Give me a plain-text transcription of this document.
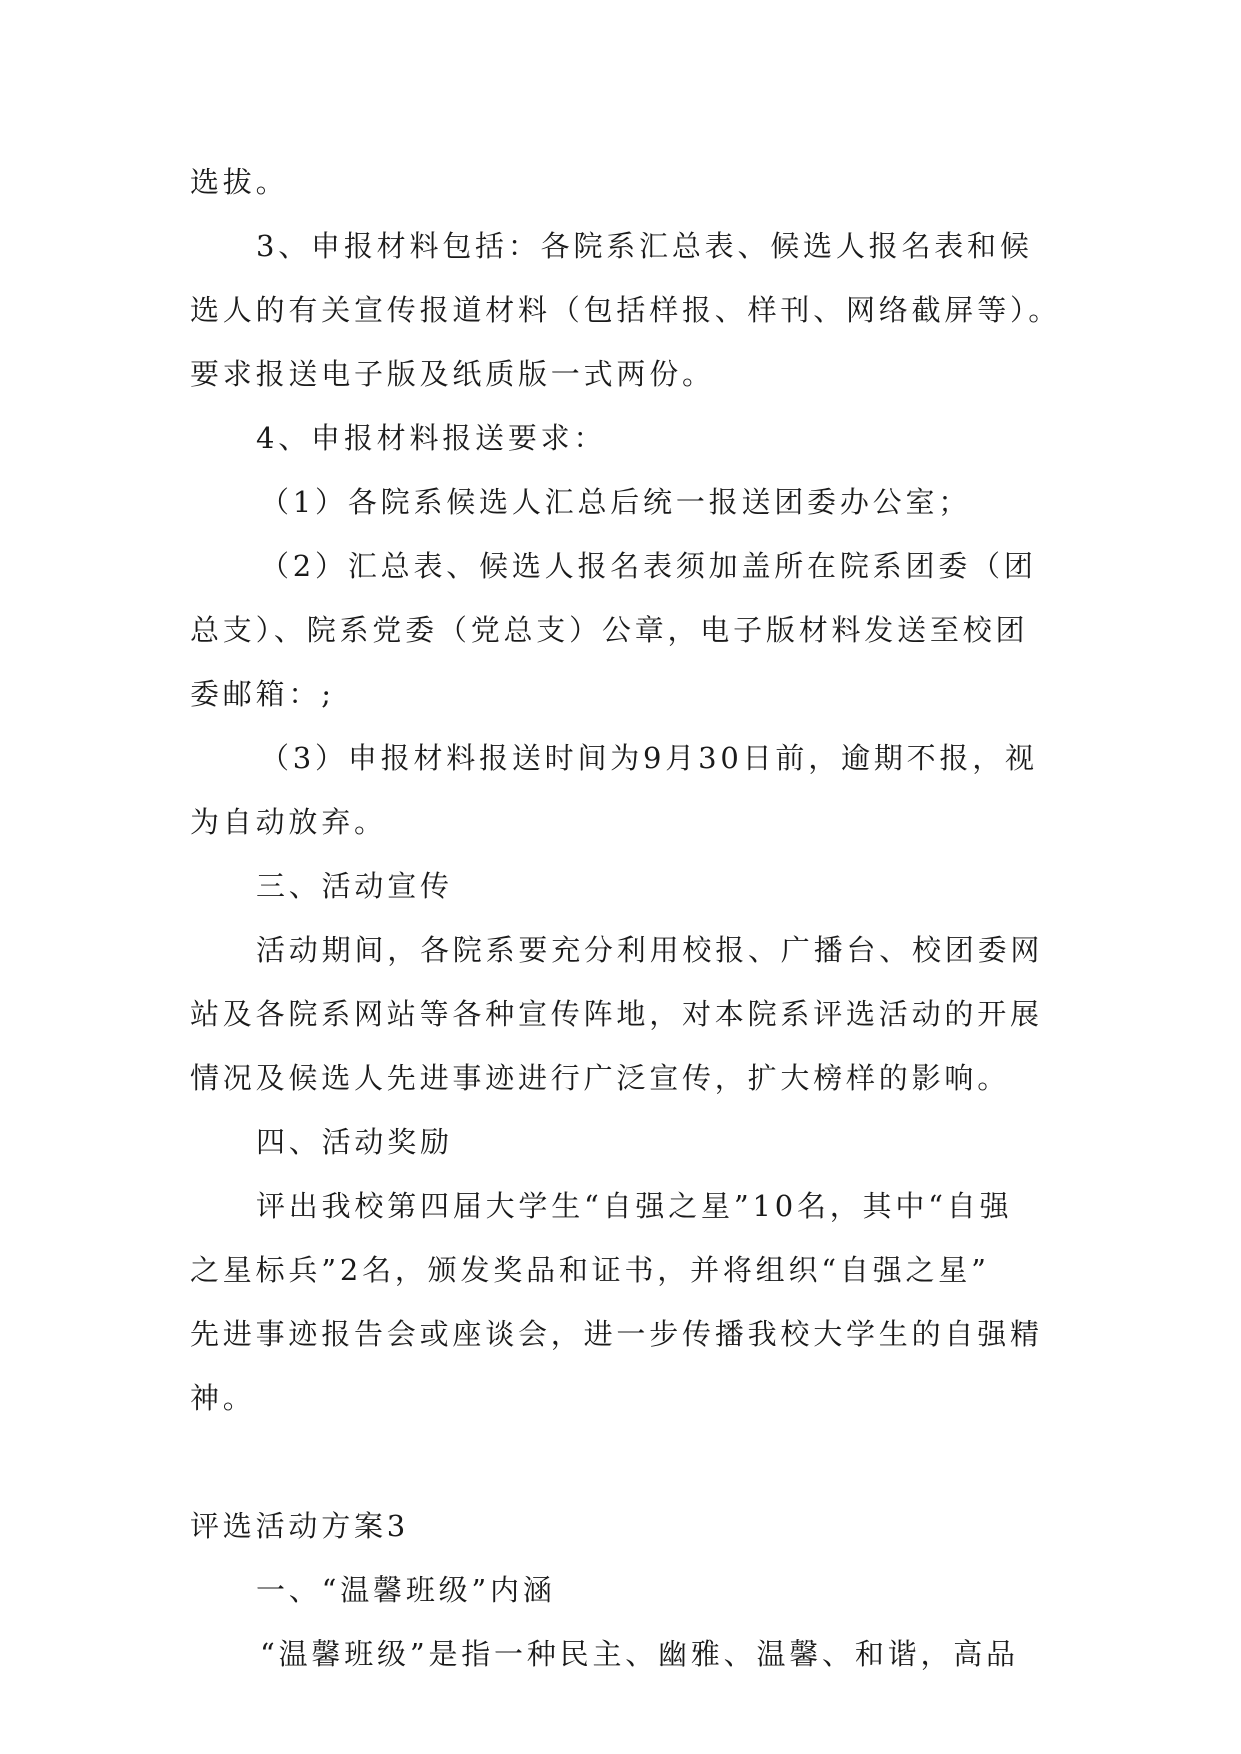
选拔。

3、申报材料包括：各院系汇总表、候选人报名表和候

选人的有关宣传报道材料（包括样报、样刊、网络截屏等）。

要求报送电子版及纸质版一式两份。

4、申报材料报送要求：

（1）各院系候选人汇总后统一报送团委办公室；

（2）汇总表、候选人报名表须加盖所在院系团委（团

总支）、院系党委（党总支）公章，电子版材料发送至校团

委邮箱：;

（3）申报材料报送时间为9月30日前，逾期不报，视

为自动放弃。

三、活动宣传

活动期间，各院系要充分利用校报、广播台、校团委网

站及各院系网站等各种宣传阵地，对本院系评选活动的开展

情况及候选人先进事迹进行广泛宣传，扩大榜样的影响。

四、活动奖励

评出我校第四届大学生“自强之星”10名，其中“自强

之星标兵”2名，颁发奖品和证书，并将组织“自强之星”

先进事迹报告会或座谈会，进一步传播我校大学生的自强精

神。

评选活动方案3

一、“温馨班级”内涵

“温馨班级”是指一种民主、幽雅、温馨、和谐，高品
